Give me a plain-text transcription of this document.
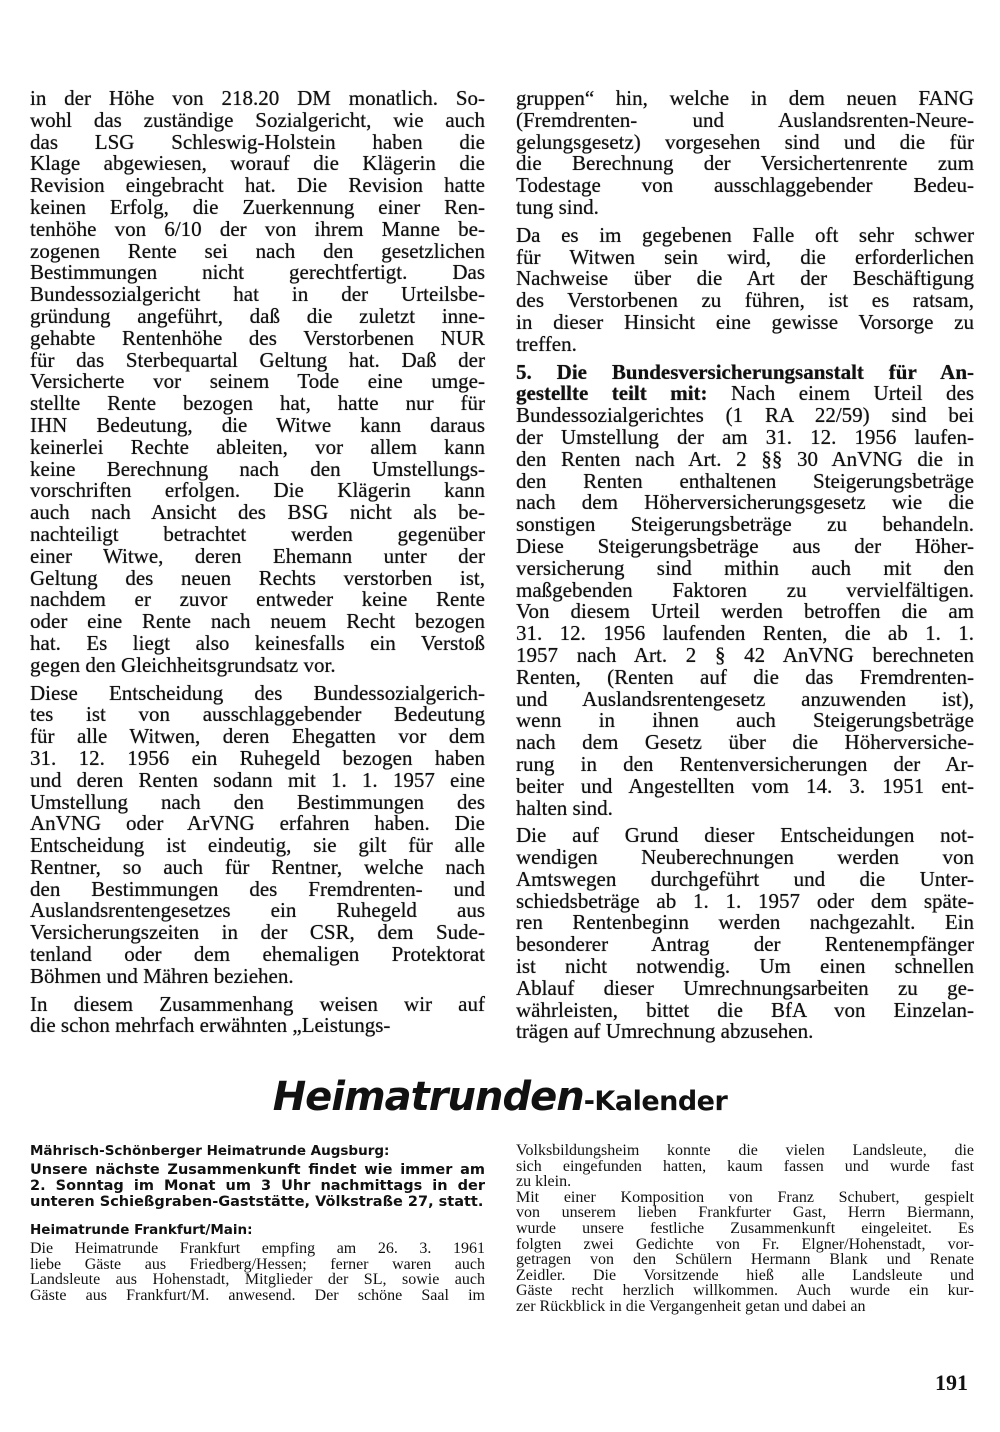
in der Höhe von 218.20 DM monatlich. So-
wohl das zuständige Sozialgericht, wie auch
das LSG Schleswig-Holstein haben die
Klage abgewiesen, worauf die Klägerin die
Revision eingebracht hat. Die Revision hatte
keinen Erfolg, die Zuerkennung einer Ren-
tenhöhe von 6/10 der von ihrem Manne be-
zogenen Rente sei nach den gesetzlichen
Bestimmungen nicht gerechtfertigt. Das
Bundessozialgericht hat in der Urteilsbe-
gründung angeführt, daß die zuletzt inne-
gehabte Rentenhöhe des Verstorbenen NUR
für das Sterbequartal Geltung hat. Daß der
Versicherte vor seinem Tode eine umge-
stellte Rente bezogen hat, hatte nur für
IHN Bedeutung, die Witwe kann daraus
keinerlei Rechte ableiten, vor allem kann
keine Berechnung nach den Umstellungs-
vorschriften erfolgen. Die Klägerin kann
auch nach Ansicht des BSG nicht als be-
nachteiligt betrachtet werden gegenüber
einer Witwe, deren Ehemann unter der
Geltung des neuen Rechts verstorben ist,
nachdem er zuvor entweder keine Rente
oder eine Rente nach neuem Recht bezogen
hat. Es liegt also keinesfalls ein Verstoß
gegen den Gleichheitsgrundsatz vor.
Diese Entscheidung des Bundessozialgerich-
tes ist von ausschlaggebender Bedeutung
für alle Witwen, deren Ehegatten vor dem
31. 12. 1956 ein Ruhegeld bezogen haben
und deren Renten sodann mit 1. 1. 1957 eine
Umstellung nach den Bestimmungen des
AnVNG oder ArVNG erfahren haben. Die
Entscheidung ist eindeutig, sie gilt für alle
Rentner, so auch für Rentner, welche nach
den Bestimmungen des Fremdrenten- und
Auslandsrentengesetzes ein Ruhegeld aus
Versicherungszeiten in der CSR, dem Sude-
tenland oder dem ehemaligen Protektorat
Böhmen und Mähren beziehen.
In diesem Zusammenhang weisen wir auf
die schon mehrfach erwähnten „Leistungs-
gruppen“ hin, welche in dem neuen FANG
(Fremdrenten- und Auslandsrenten-Neure-
gelungsgesetz) vorgesehen sind und die für
die Berechnung der Versichertenrente zum
Todestage von ausschlaggebender Bedeu-
tung sind.
Da es im gegebenen Falle oft sehr schwer
für Witwen sein wird, die erforderlichen
Nachweise über die Art der Beschäftigung
des Verstorbenen zu führen, ist es ratsam,
in dieser Hinsicht eine gewisse Vorsorge zu
treffen.
5. Die Bundesversicherungsanstalt für An-
gestellte teilt mit: Nach einem Urteil des
Bundessozialgerichtes (1 RA 22/59) sind bei
der Umstellung der am 31. 12. 1956 laufen-
den Renten nach Art. 2 §§ 30 AnVNG die in
den Renten enthaltenen Steigerungsbeträge
nach dem Höherversicherungsgesetz wie die
sonstigen Steigerungsbeträge zu behandeln.
Diese Steigerungsbeträge aus der Höher-
versicherung sind mithin auch mit den
maßgebenden Faktoren zu vervielfältigen.
Von diesem Urteil werden betroffen die am
31. 12. 1956 laufenden Renten, die ab 1. 1.
1957 nach Art. 2 § 42 AnVNG berechneten
Renten, (Renten auf die das Fremdrenten-
und Auslandsrentengesetz anzuwenden ist),
wenn in ihnen auch Steigerungsbeträge
nach dem Gesetz über die Höherversiche-
rung in den Rentenversicherungen der Ar-
beiter und Angestellten vom 14. 3. 1951 ent-
halten sind.
Die auf Grund dieser Entscheidungen not-
wendigen Neuberechnungen werden von
Amtswegen durchgeführt und die Unter-
schiedsbeträge ab 1. 1. 1957 oder dem späte-
ren Rentenbeginn werden nachgezahlt. Ein
besonderer Antrag der Rentenempfänger
ist nicht notwendig. Um einen schnellen
Ablauf dieser Umrechnungsarbeiten zu ge-
währleisten, bittet die BfA von Einzelan-
trägen auf Umrechnung abzusehen.
Heimatrunden-Kalender
Mährisch-Schönberger Heimatrunde Augsburg:
Unsere nächste Zusammenkunft findet wie immer am
2. Sonntag im Monat um 3 Uhr nachmittags in der
unteren Schießgraben-Gaststätte, Völkstraße 27, statt.
Heimatrunde Frankfurt/Main:
Die Heimatrunde Frankfurt empfing am 26. 3. 1961
liebe Gäste aus Friedberg/Hessen; ferner waren auch
Landsleute aus Hohenstadt, Mitglieder der SL, sowie auch
Gäste aus Frankfurt/M. anwesend. Der schöne Saal im
Volksbildungsheim konnte die vielen Landsleute, die
sich eingefunden hatten, kaum fassen und wurde fast
zu klein.
Mit einer Komposition von Franz Schubert, gespielt
von unserem lieben Frankfurter Gast, Herrn Biermann,
wurde unsere festliche Zusammenkunft eingeleitet. Es
folgten zwei Gedichte von Fr. Elgner/Hohenstadt, vor-
getragen von den Schülern Hermann Blank und Renate
Zeidler. Die Vorsitzende hieß alle Landsleute und
Gäste recht herzlich willkommen. Auch wurde ein kur-
zer Rückblick in die Vergangenheit getan und dabei an
191
